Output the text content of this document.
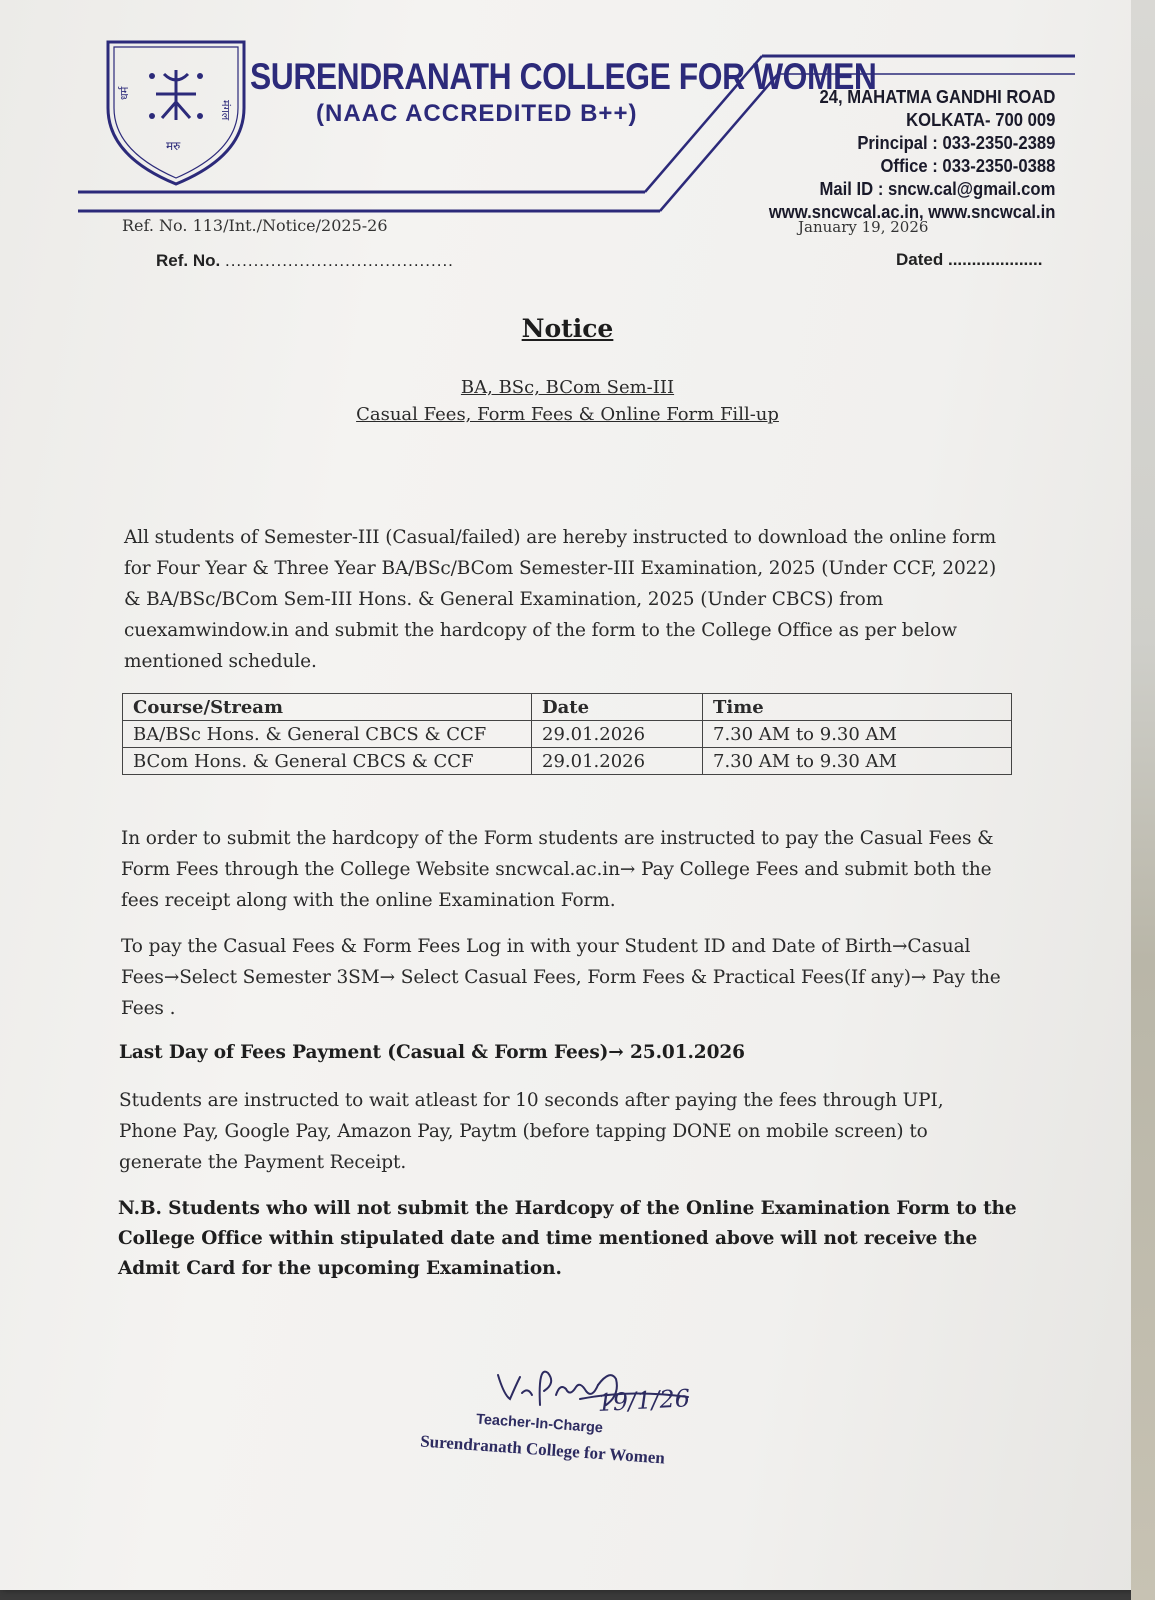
धर्म
मंगल
मरु
SURENDRANATH COLLEGE FOR WOMEN
(NAAC ACCREDITED B++)
24, MAHATMA GANDHI ROAD
KOLKATA- 700 009
Principal : 033-2350-2389
Office : 033-2350-0388
Mail ID : sncw.cal@gmail.com
www.sncwcal.ac.in, www.sncwcal.in
Ref. No. 113/Int./Notice/2025-26
Ref. No. ........................................
January 19, 2026
Dated ....................
Notice
BA, BSc, BCom Sem-III
Casual Fees, Form Fees & Online Form Fill-up
All students of Semester-III (Casual/failed) are hereby instructed to download the online form for Four Year & Three Year BA/BSc/BCom Semester-III Examination, 2025 (Under CCF, 2022) & BA/BSc/BCom Sem-III Hons. & General Examination, 2025 (Under CBCS) from cuexamwindow.in and submit the hardcopy of the form to the College Office as per below mentioned schedule.
Course/Stream	Date	Time
BA/BSc Hons. & General CBCS & CCF	29.01.2026	7.30 AM to 9.30 AM
BCom Hons. & General CBCS & CCF	29.01.2026	7.30 AM to 9.30 AM
In order to submit the hardcopy of the Form students are instructed to pay the Casual Fees & Form Fees through the College Website sncwcal.ac.in→ Pay College Fees and submit both the fees receipt along with the online Examination Form.
To pay the Casual Fees & Form Fees Log in with your Student ID and Date of Birth→Casual Fees→Select Semester 3SM→ Select Casual Fees, Form Fees & Practical Fees(If any)→ Pay the Fees .
Last Day of Fees Payment (Casual & Form Fees)→ 25.01.2026
Students are instructed to wait atleast for 10 seconds after paying the fees through UPI, Phone Pay, Google Pay, Amazon Pay, Paytm (before tapping DONE on mobile screen) to generate the Payment Receipt.
N.B. Students who will not submit the Hardcopy of the Online Examination Form to the College Office within stipulated date and time mentioned above will not receive the Admit Card for the upcoming Examination.
19/1/26
Teacher-In-Charge
Surendranath College for Women
